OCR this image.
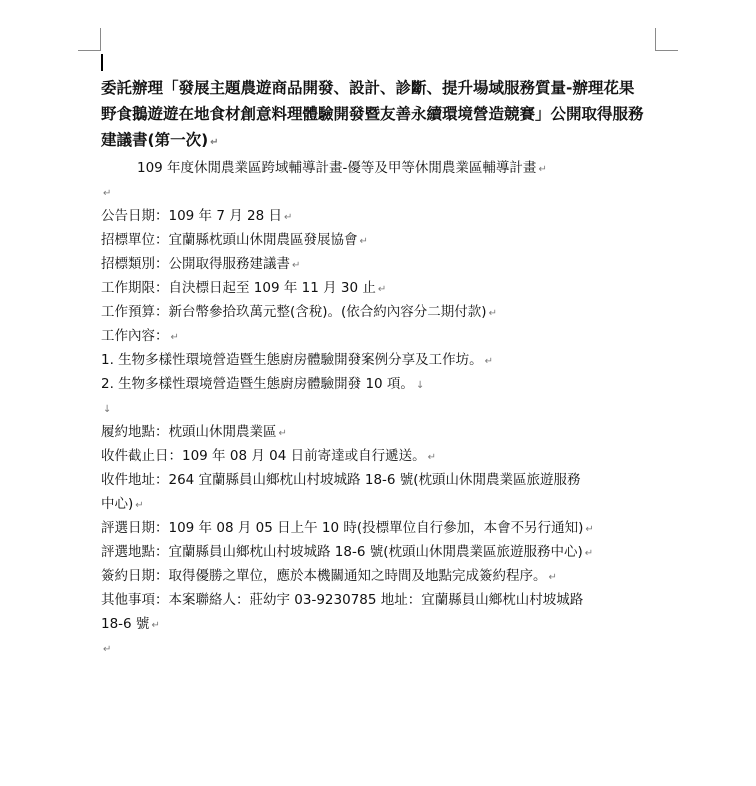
委託辦理「發展主題農遊商品開發、設計、診斷、提升場域服務質量-辦理花果
野食鵝遊遊在地食材創意料理體驗開發暨友善永續環境營造競賽」公開取得服務
建議書(第一次) ↵
109 年度休閒農業區跨域輔導計畫-優等及甲等休閒農業區輔導計畫 ↵
↵
公告日期：109 年 7 月 28 日 ↵
招標單位：宜蘭縣枕頭山休閒農區發展協會 ↵
招標類別：公開取得服務建議書 ↵
工作期限：自決標日起至 109 年 11 月 30 止 ↵
工作預算：新台幣參拾玖萬元整(含稅)。(依合約內容分二期付款) ↵
工作內容： ↵
1. 生物多樣性環境營造暨生態廚房體驗開發案例分享及工作坊。 ↵
2. 生物多樣性環境營造暨生態廚房體驗開發 10 項。 ↓
↓
履約地點：枕頭山休閒農業區 ↵
收件截止日：109 年 08 月 04 日前寄達或自行遞送。 ↵
收件地址：264 宜蘭縣員山鄉枕山村坡城路 18-6 號(枕頭山休閒農業區旅遊服務
中心) ↵
評選日期：109 年 08 月 05 日上午 10 時(投標單位自行參加，本會不另行通知) ↵
評選地點：宜蘭縣員山鄉枕山村坡城路 18-6 號(枕頭山休閒農業區旅遊服務中心) ↵
簽約日期：取得優勝之單位，應於本機關通知之時間及地點完成簽約程序。 ↵
其他事項：本案聯絡人：莊幼宇 03-9230785 地址：宜蘭縣員山鄉枕山村坡城路
18-6 號 ↵
↵
